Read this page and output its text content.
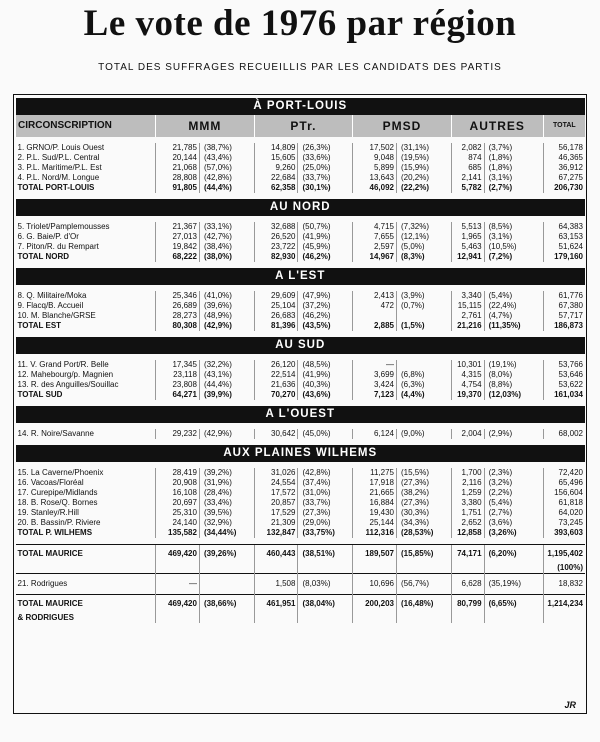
Le vote de 1976 par région
TOTAL DES SUFFRAGES RECUEILLIS PAR LES CANDIDATS DES PARTIS
À PORT-LOUIS									
CIRCONSCRIPTION	MMM		PTr.		PMSD		AUTRES		TOTAL

1. GRNO/P. Louis Ouest	21,785	(38,7%)	14,809	(26,3%)	17,502	(31,1%)	2,082	(3,7%)	56,178
2. P.L. Sud/P.L. Central	20,144	(43,4%)	15,605	(33,6%)	9,048	(19,5%)	874	(1,8%)	46,365
3. P.L. Maritime/P.L. Est	21,068	(57,0%)	9,260	(25,0%)	5,899	(15,9%)	685	(1,8%)	36,912
4. P.L. Nord/M. Longue	28,808	(42,8%)	22,684	(33,7%)	13,643	(20,2%)	2,141	(3,1%)	67,275
TOTAL PORT-LOUIS	91,805	(44,4%)	62,358	(30,1%)	46,092	(22,2%)	5,782	(2,7%)	206,730

AU NORD									

5. Triolet/Pamplemousses	21,367	(33,1%)	32,688	(50,7%)	4,715	(7,32%)	5,513	(8,5%)	64,383
6. G. Baie/P. d'Or	27,013	(42,7%)	26,520	(41,9%)	7,655	(12,1%)	1,965	(3,1%)	63,153
7. Piton/R. du Rempart	19,842	(38,4%)	23,722	(45,9%)	2,597	(5,0%)	5,463	(10,5%)	51,624
TOTAL NORD	68,222	(38,0%)	82,930	(46,2%)	14,967	(8,3%)	12,941	(7,2%)	179,160

A L'EST									

8. Q. Militaire/Moka	25,346	(41,0%)	29,609	(47,9%)	2,413	(3,9%)	3,340	(5,4%)	61,776
9. Flacq/B. Accueil	26,689	(39,6%)	25,104	(37,2%)	472	(0,7%)	15,115	(22,4%)	67,380
10. M. Blanche/GRSE	28,273	(48,9%)	26,683	(46,2%)			2,761	(4,7%)	57,717
TOTAL EST	80,308	(42,9%)	81,396	(43,5%)	2,885	(1,5%)	21,216	(11,35%)	186,873

AU SUD									

11. V. Grand Port/R. Belle	17,345	(32,2%)	26,120	(48,5%)	—		10,301	(19,1%)	53,766
12. Mahebourg/p. Magnien	23,118	(43,1%)	22,514	(41,9%)	3,699	(6,8%)	4,315	(8,0%)	53,646
13. R. des Anguilles/Souillac	23,808	(44,4%)	21,636	(40,3%)	3,424	(6,3%)	4,754	(8,8%)	53,622
TOTAL SUD	64,271	(39,9%)	70,270	(43,6%)	7,123	(4,4%)	19,370	(12,03%)	161,034

A L'OUEST									

14. R. Noire/Savanne	29,232	(42,9%)	30,642	(45,0%)	6,124	(9,0%)	2,004	(2,9%)	68,002

AUX PLAINES WILHEMS									

15. La Caverne/Phoenix	28,419	(39,2%)	31,026	(42,8%)	11,275	(15,5%)	1,700	(2,3%)	72,420
16. Vacoas/Floréal	20,908	(31,9%)	24,554	(37,4%)	17,918	(27,3%)	2,116	(3,2%)	65,496
17. Curepipe/Midlands	16,108	(28,4%)	17,572	(31,0%)	21,665	(38,2%)	1,259	(2,2%)	156,604
18. B. Rose/Q. Bornes	20,697	(33,4%)	20,857	(33,7%)	16,884	(27,3%)	3,380	(5,4%)	61,818
19. Stanley/R.Hill	25,310	(39,5%)	17,529	(27,3%)	19,430	(30,3%)	1,751	(2,7%)	64,020
20. B. Bassin/P. Riviere	24,140	(32,9%)	21,309	(29,0%)	25,144	(34,3%)	2,652	(3,6%)	73,245
TOTAL P. WILHEMS	135,582	(34,44%)	132,847	(33,75%)	112,316	(28,53%)	12,858	(3,26%)	393,603

TOTAL MAURICE	469,420	(39,26%)	460,443	(38,51%)	189,507	(15,85%)	74,171	(6,20%)	1,195,402
									(100%)
21. Rodrigues	—		1,508	(8,03%)	10,696	(56,7%)	6,628	(35,19%)	18,832
TOTAL MAURICE	469,420	(38,66%)	461,951	(38,04%)	200,203	(16,48%)	80,799	(6,65%)	1,214,234
& RODRIGUES									
JR
